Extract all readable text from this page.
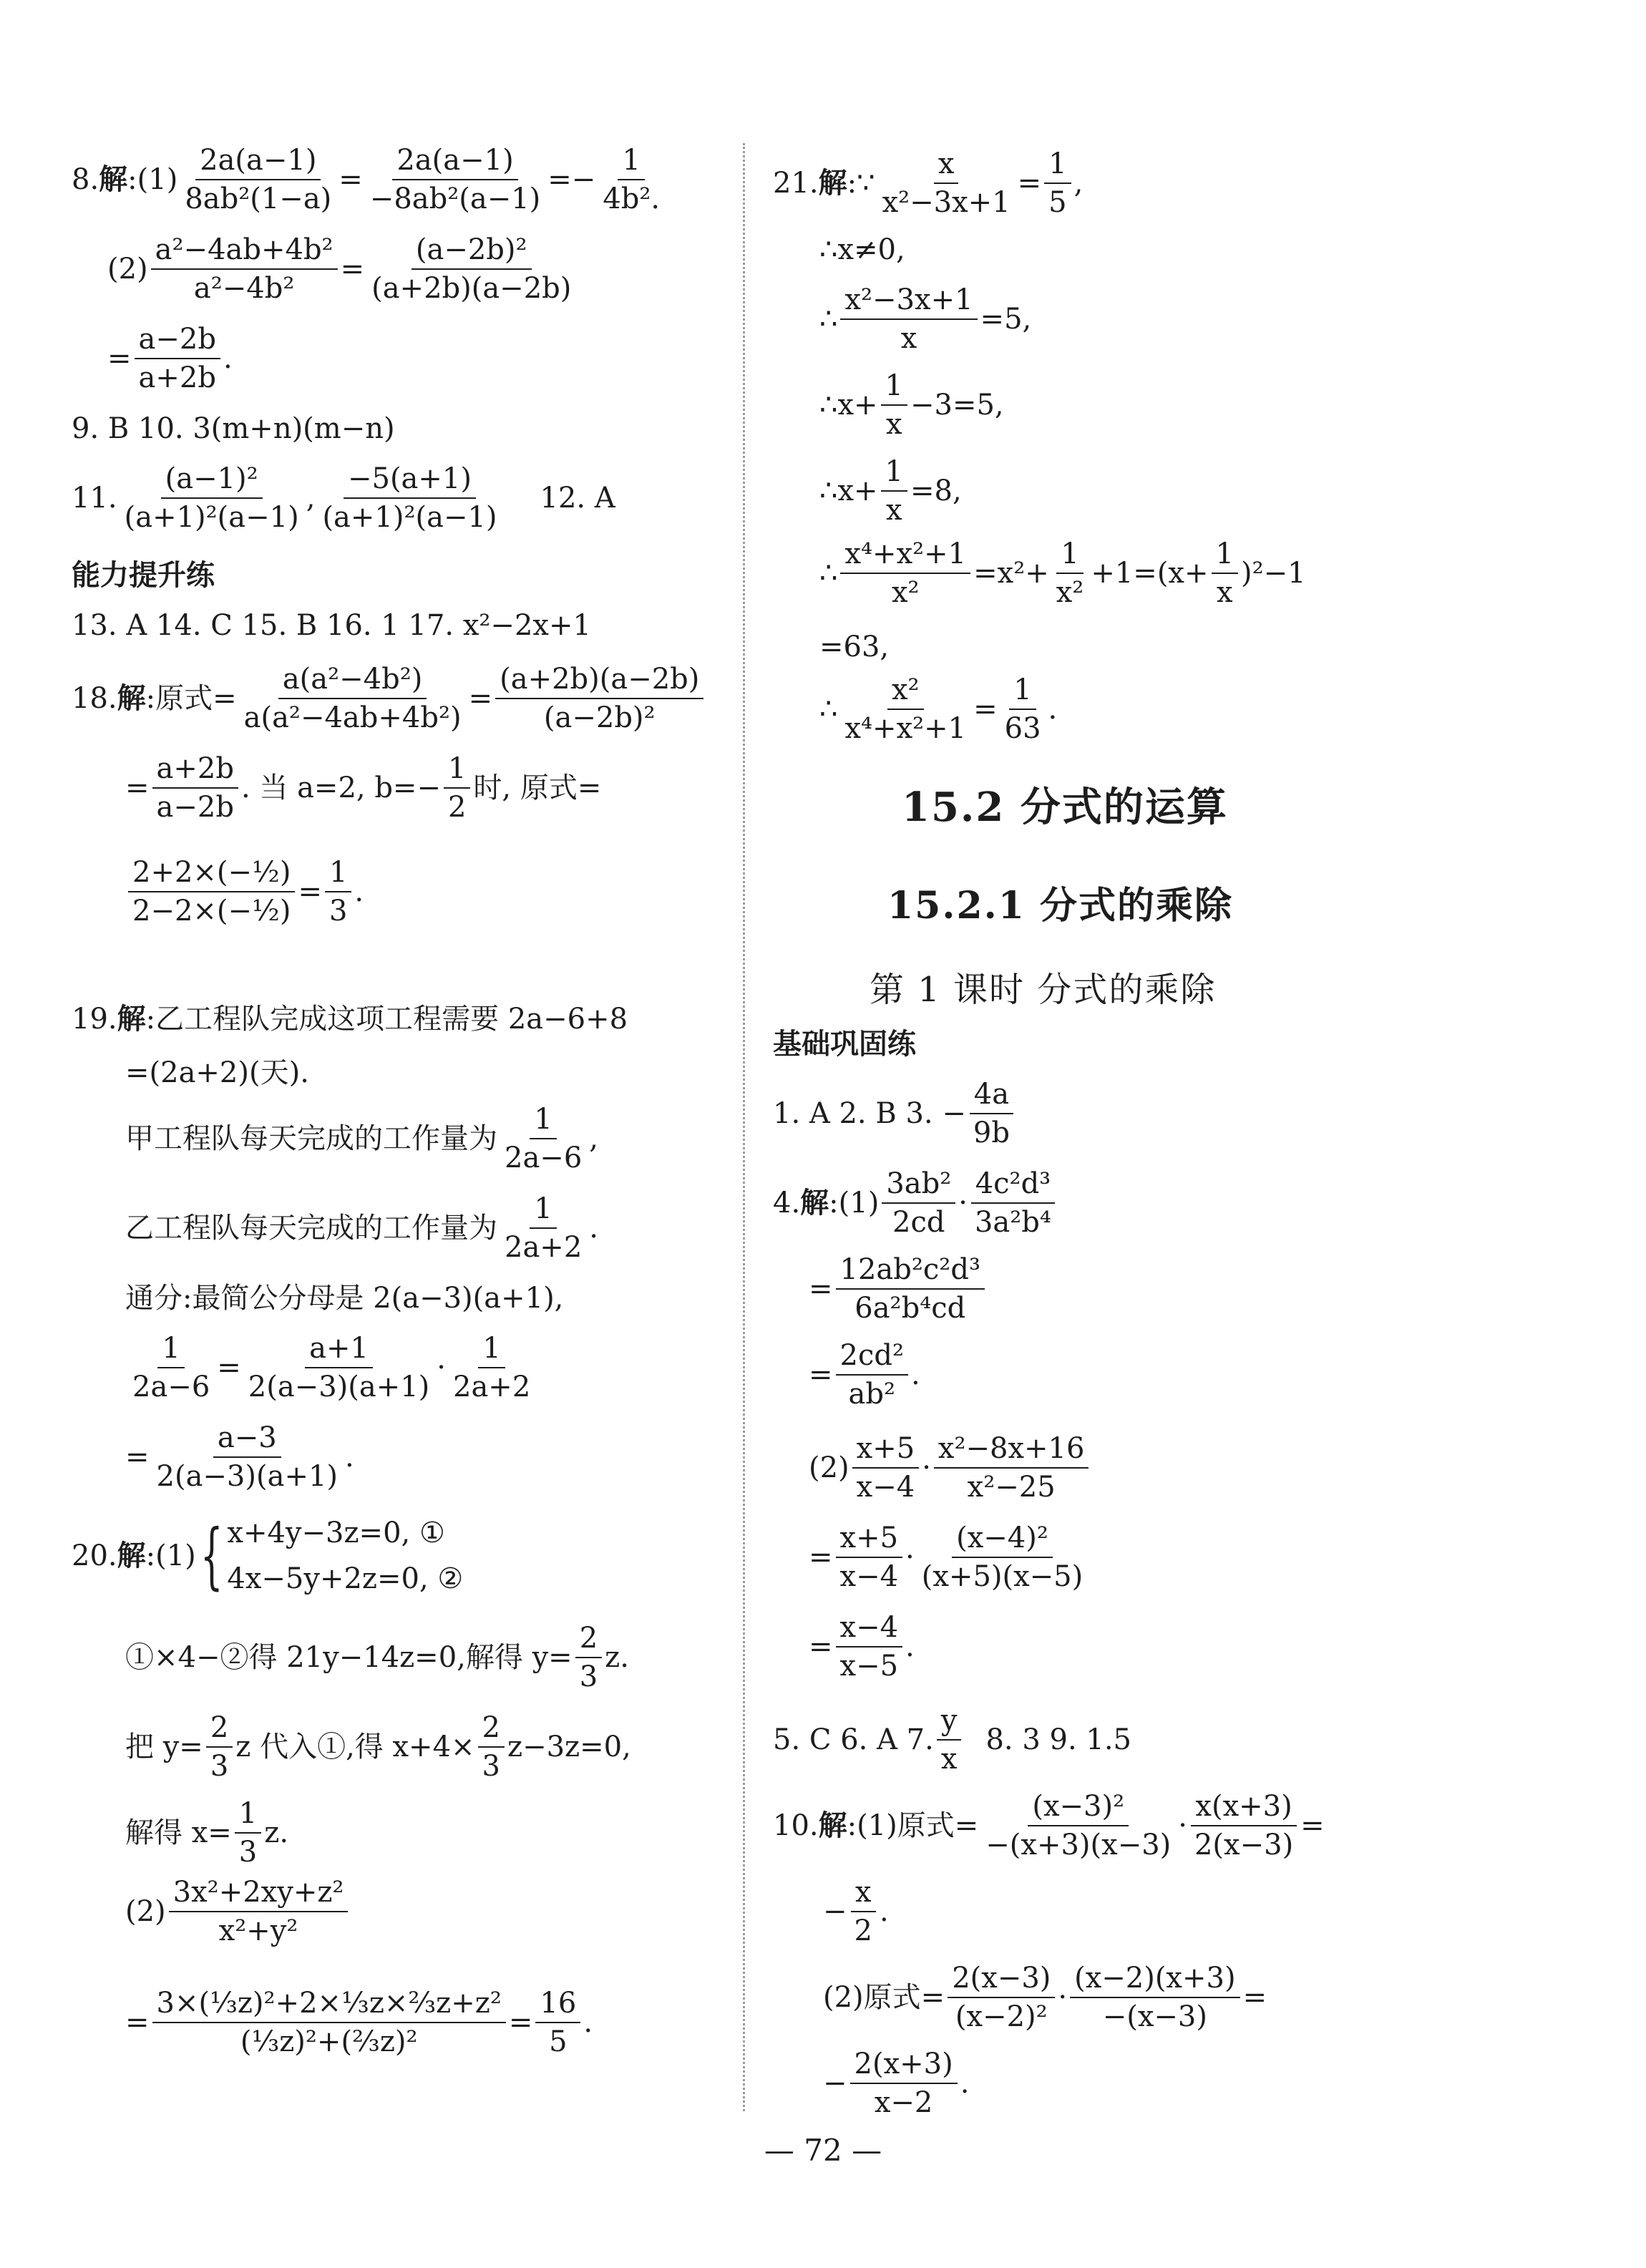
8. 解 :(1) $\frac{2a(a-1)}{\text{8ab²(1−a)}} = \frac{2a(a-1)}{\text{−8ab²(a−1)}} =- \frac{1}{\text{4b².}}$
$(2) \frac{\text{a²−4ab+4b²}}{\text{a²−4b²}} = \frac{\text{(a−2b)²}}{(a+2b)(a-2b)}$
= $\frac{a-2b}{a+2b}$ .
9. B 10. 3(m+n)(m−n)
11.
(a−1)²
(a+1)²(a−1)
,
−5(a+1)
(a+1)²(a−1)
12. A
能力提升练
13. A 14. C 15. B 16. 1 17. x²−2x+1
18. 解 :原式= $\frac{\text{a(a²−4b²)}}{\text{a(a²−4ab+4b²)}} = \frac{(a+2b)(a-2b)}{\text{(a−2b)²}}$
= $\frac{a+2b}{a-2b}$ . 当 a=2, $b=- \frac{1}{2}$ 时, 原式=
$\frac{\text{2+2×(−½)}}{\text{2−2×(−½)}} = \frac{1}{3}$ .
19. 解 :乙工程队完成这项工程需要 2a−6+8
=(2a+2)(天).
甲工程队每天完成的工作量为
1
2a−6
,
乙工程队每天完成的工作量为
1
2a+2
.
通分:最简公分母是 2(a−3)(a+1),
$\frac{1}{2a-6} = \frac{a+1}{2(a-3)(a+1)}$ ·
1
2a+2
= $\frac{a-3}{2(a-3)(a+1)}$ .
20. 解 :(1) { x+4y−3z=0, ①
4x−5y+2z=0, ②
①×4−②得 21y−14z=0,解得 $y= \frac{2}{3} z$.
把 $y= \frac{2}{3}$ z 代入①,得 $x+4\times \frac{2}{3} z-3z=0$,
解得 $x= \frac{1}{3} z$.
(2)
3x²+2xy+z²
x²+y²
= $\frac{\text{3×(⅓z)²+2×⅓z×⅔z+z²}}{\text{(⅓z)²+(⅔z)²}} = \frac{16}{5}$ .
21. 解 :∵ $\frac{x}{\text{x²−3x+1}} = \frac{1}{5}$ ,
∴x≠0,
∴ $\frac{\text{x²−3x+1}}{x} =5$,
∴x+ $\frac{1}{x} -3=5$,
∴x+ $\frac{1}{x} =8$,
∴ $\frac{\text{x⁴+x²+1}}{\text{x²}} =x^2+ \frac{1}{\text{x²}} +1=(x+ \frac{1}{x} )^2-1$
=63,
∴ $\frac{\text{x²}}{\text{x⁴+x²+1}} = \frac{1}{63}$ .
15.2 分式的运算
15.2.1 分式的乘除
第 1 课时 分式的乘除
基础巩固练
1. A 2. B 3. − $\frac{4a}{9b}$
4. 解 :(1)
3ab²
2cd
·
4c²d³
3a²b⁴
= $\frac{\text{12ab²c²d³}}{\text{6a²b⁴cd}}$
= $\frac{\text{2cd²}}{\text{ab²}}$ .
(2)
x+5
x−4
·
x²−8x+16
x²−25
= $\frac{x+5}{x-4}$ ·
(x−4)²
(x+5)(x−5)
= $\frac{x-4}{x-5}$ .
5. C 6. A 7.
y
x
8. 3 9. 1.5
10. 解 :(1)原式= $\frac{\text{(x−3)²}}{-(x+3)(x-3)} \cdot \frac{x(x+3)}{2(x-3)}$ =
− $\frac{x}{2}$ .
(2)原式= $\frac{2(x-3)}{\text{(x−2)²}} \cdot \frac{(x-2)(x+3)}{-(x-3)}$ =
− $\frac{2(x+3)}{x-2}$ .
— 72 —
